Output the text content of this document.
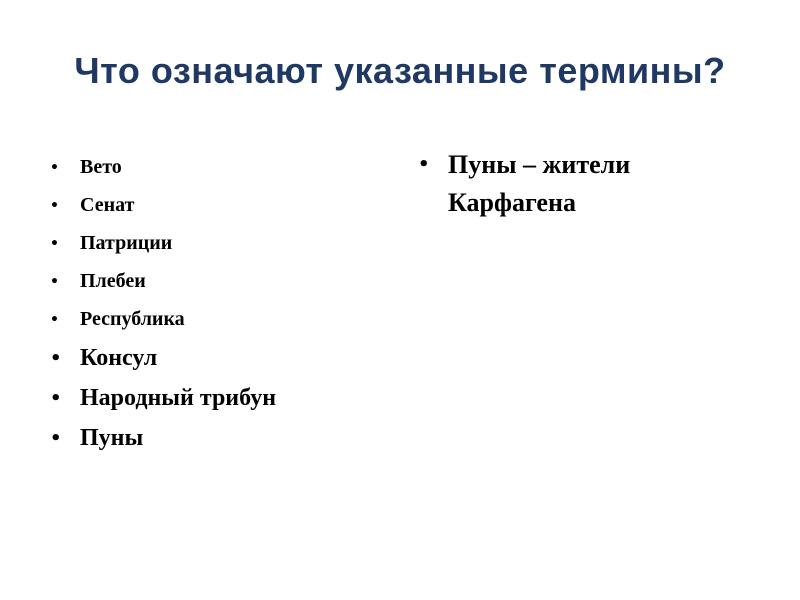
Что означают указанные термины?
• Вето
• Сенат
• Патриции
• Плебеи
• Республика
• Консул
• Народный трибун
• Пуны
• Пуны – жители Карфагена
